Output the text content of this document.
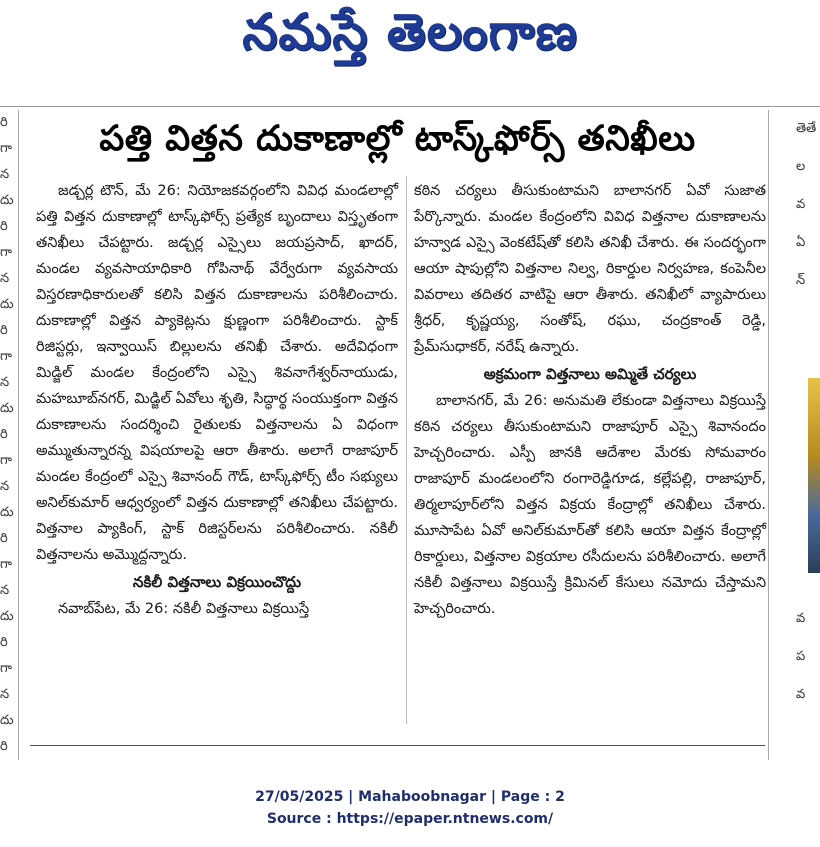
నమస్తే తెలంగాణ
రి
గా
న
దు
రి
గా
న
దు
రి
గా
న
దు
రి
గా
న
దు
రి
గా
న
దు
రి
గా
న
దు
రి
తెతే
ల
వ
ఏ
న్
వ
ప
వ
పత్తి విత్తన దుకాణాల్లో టాస్క్‌ఫోర్స్ తనిఖీలు

జడ్చర్ల టౌన్, మే 26: నియోజకవర్గంలోని వివిధ మండలాల్లో పత్తి విత్తన దుకాణాల్లో టాస్క్‌ఫోర్స్ ప్రత్యేక బృందాలు విస్తృతంగా తనిఖీలు చేపట్టారు. జడ్చర్ల ఎస్సైలు జయప్రసాద్, ఖాదర్, మండల వ్యవసాయాధికారి గోపినాథ్ వేర్వేరుగా వ్యవసాయ విస్తరణాధికారులతో కలిసి విత్తన దుకాణాలను పరిశీలించారు. దుకాణాల్లో విత్తన ప్యాకెట్లను క్షుణ్ణంగా పరిశీలించారు. స్టాక్ రిజిస్టర్లు, ఇన్వాయిస్ బిల్లులను తనిఖీ చేశారు. అదేవిధంగా మిడ్జిల్ మండల కేంద్రంలోని ఎస్సై శివనాగేశ్వర్‌నాయుడు, మహబూబ్‌నగర్, మిడ్జిల్ ఏవోలు శృతి, సిద్ధార్థ సంయుక్తంగా విత్తన దుకాణాలను సందర్శించి రైతులకు విత్తనాలను ఏ విధంగా అమ్ముతున్నారన్న విషయాలపై ఆరా తీశారు. అలాగే రాజాపూర్ మండల కేంద్రంలో ఎస్సై శివానంద్ గౌడ్, టాస్క్‌ఫోర్స్ టీం సభ్యులు అనిల్‌కుమార్ ఆధ్వర్యంలో విత్తన దుకాణాల్లో తనిఖీలు చేపట్టారు. విత్తనాల ప్యాకింగ్, స్టాక్ రిజిస్టర్‌లను పరిశీలించారు. నకిలీ విత్తనాలను అమ్మొద్దన్నారు.

నకిలీ విత్తనాలు విక్రయించొద్దు

నవాబ్‌పేట, మే 26: నకిలీ విత్తనాలు విక్రయిస్తే

కఠిన చర్యలు తీసుకుంటామని బాలానగర్ ఏవో సుజాత పేర్కొన్నారు. మండల కేంద్రంలోని వివిధ విత్తనాల దుకాణాలను హన్వాడ ఎస్సై వెంకటేష్‌తో కలిసి తనిఖీ చేశారు. ఈ సందర్భంగా ఆయా షాపుల్లోని విత్తనాల నిల్వ, రికార్డుల నిర్వహణ, కంపెనీల వివరాలు తదితర వాటిపై ఆరా తీశారు. తనిఖీలో వ్యాపారులు శ్రీధర్, కృష్ణయ్య, సంతోష్, రఘు, చంద్రకాంత్ రెడ్డి, ప్రేమ్‌సుధాకర్, నరేష్ ఉన్నారు.

అక్రమంగా విత్తనాలు అమ్మితే చర్యలు

బాలానగర్, మే 26: అనుమతి లేకుండా విత్తనాలు విక్రయిస్తే కఠిన చర్యలు తీసుకుంటామని రాజాపూర్ ఎస్సై శివానందం హెచ్చరించారు. ఎస్పీ జానకి ఆదేశాల మేరకు సోమవారం రాజాపూర్ మండలంలోని రంగారెడ్డిగూడ, కల్లేపల్లి, రాజాపూర్, తిర్మలాపూర్‌లోని విత్తన విక్రయ కేంద్రాల్లో తనిఖీలు చేశారు. మూసాపేట ఏవో అనిల్‌కుమార్‌తో కలిసి ఆయా విత్తన కేంద్రాల్లో రికార్డులు, విత్తనాల విక్రయాల రసీదులను పరిశీలించారు. అలాగే నకిలీ విత్తనాలు విక్రయిస్తే క్రిమినల్ కేసులు నమోదు చేస్తామని హెచ్చరించారు.

27/05/2025 | Mahaboobnagar | Page : 2
Source : https://epaper.ntnews.com/
